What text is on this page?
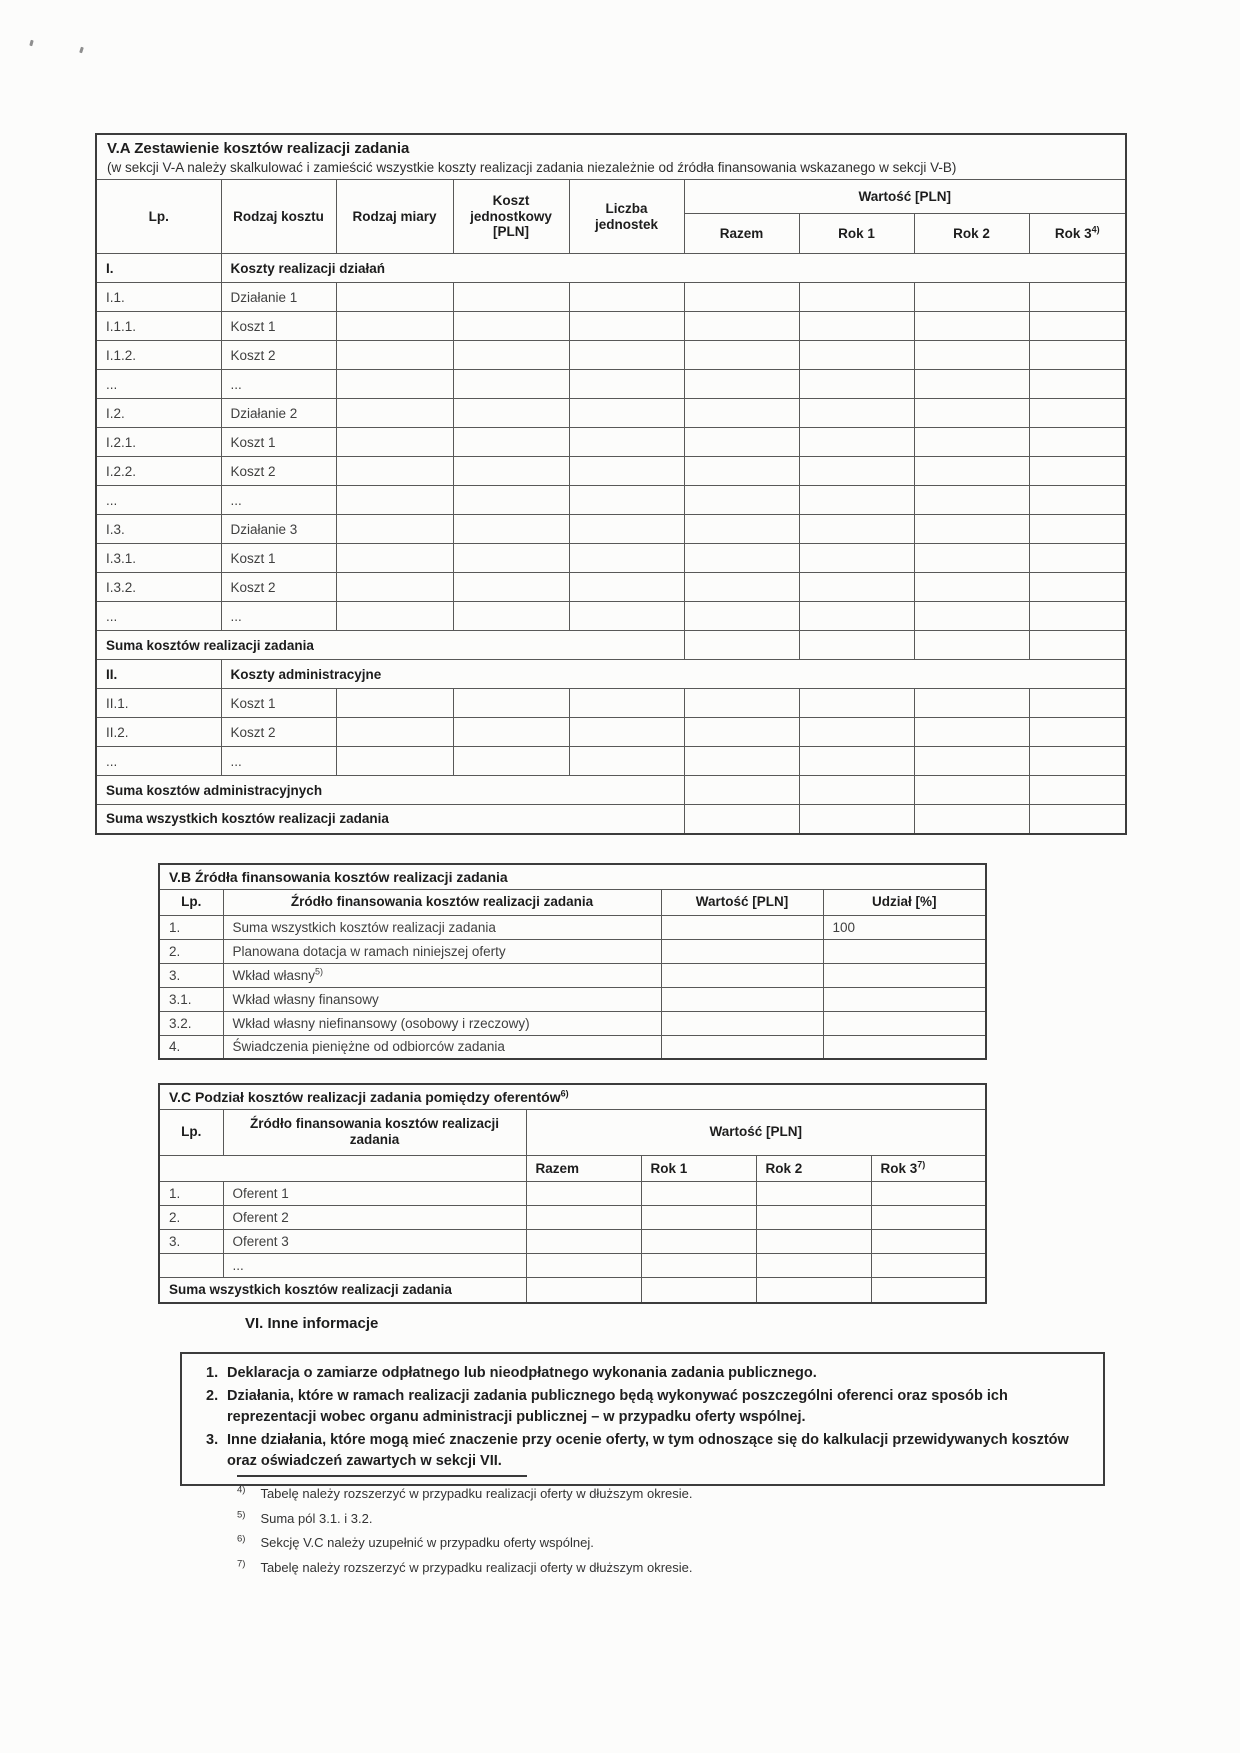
V.A Zestawienie kosztów realizacji zadania
(w sekcji V-A należy skalkulować i zamieścić wszystkie koszty realizacji zadania niezależnie od źródła finansowania wskazanego w sekcji V-B)								

Lp.	Rodzaj kosztu	Rodzaj miary	Koszt jednostkowy [PLN]	Liczba jednostek	Wartość [PLN]			
					Razem	Rok 1	Rok 2	Rok 3$^{4)}$
I.	Koszty realizacji działań							
I.1.	Działanie 1							
I.1.1.	Koszt 1							
I.1.2.	Koszt 2							
...	...							
I.2.	Działanie 2							
I.2.1.	Koszt 1							
I.2.2.	Koszt 2							
...	...							
I.3.	Działanie 3							
I.3.1.	Koszt 1							
I.3.2.	Koszt 2							
...	...							
Suma kosztów realizacji zadania								
II.	Koszty administracyjne							
II.1.	Koszt 1							
II.2.	Koszt 2							
...	...							
Suma kosztów administracyjnych								
Suma wszystkich kosztów realizacji zadania								
V.B Źródła finansowania kosztów realizacji zadania			
Lp.	Źródło finansowania kosztów realizacji zadania	Wartość [PLN]	Udział [%]
1.	Suma wszystkich kosztów realizacji zadania		100
2.	Planowana dotacja w ramach niniejszej oferty		
3.	Wkład własny$^{5)}$		
3.1.	Wkład własny finansowy		
3.2.	Wkład własny niefinansowy (osobowy i rzeczowy)		
4.	Świadczenia pieniężne od odbiorców zadania		
V.C Podział kosztów realizacji zadania pomiędzy oferentów$^{6)}$
Lp.	Źródło finansowania kosztów realizacji zadania	Wartość [PLN]			
		Razem	Rok 1	Rok 2	Rok 3$^{7)}$
1.	Oferent 1				
2.	Oferent 2				
3.	Oferent 3				
	...				
Suma wszystkich kosztów realizacji zadania					
VI. Inne informacje
1. Deklaracja o zamiarze odpłatnego lub nieodpłatnego wykonania zadania publicznego.
2. Działania, które w ramach realizacji zadania publicznego będą wykonywać poszczególni oferenci oraz sposób ich reprezentacji wobec organu administracji publicznej – w przypadku oferty wspólnej.
3. Inne działania, które mogą mieć znaczenie przy ocenie oferty, w tym odnoszące się do kalkulacji przewidywanych kosztów oraz oświadczeń zawartych w sekcji VII.
$^{4)}$ Tabelę należy rozszerzyć w przypadku realizacji oferty w dłuższym okresie.
$^{5)}$ Suma pól 3.1. i 3.2.
$^{6)}$ Sekcję V.C należy uzupełnić w przypadku oferty wspólnej.
$^{7)}$ Tabelę należy rozszerzyć w przypadku realizacji oferty w dłuższym okresie.
